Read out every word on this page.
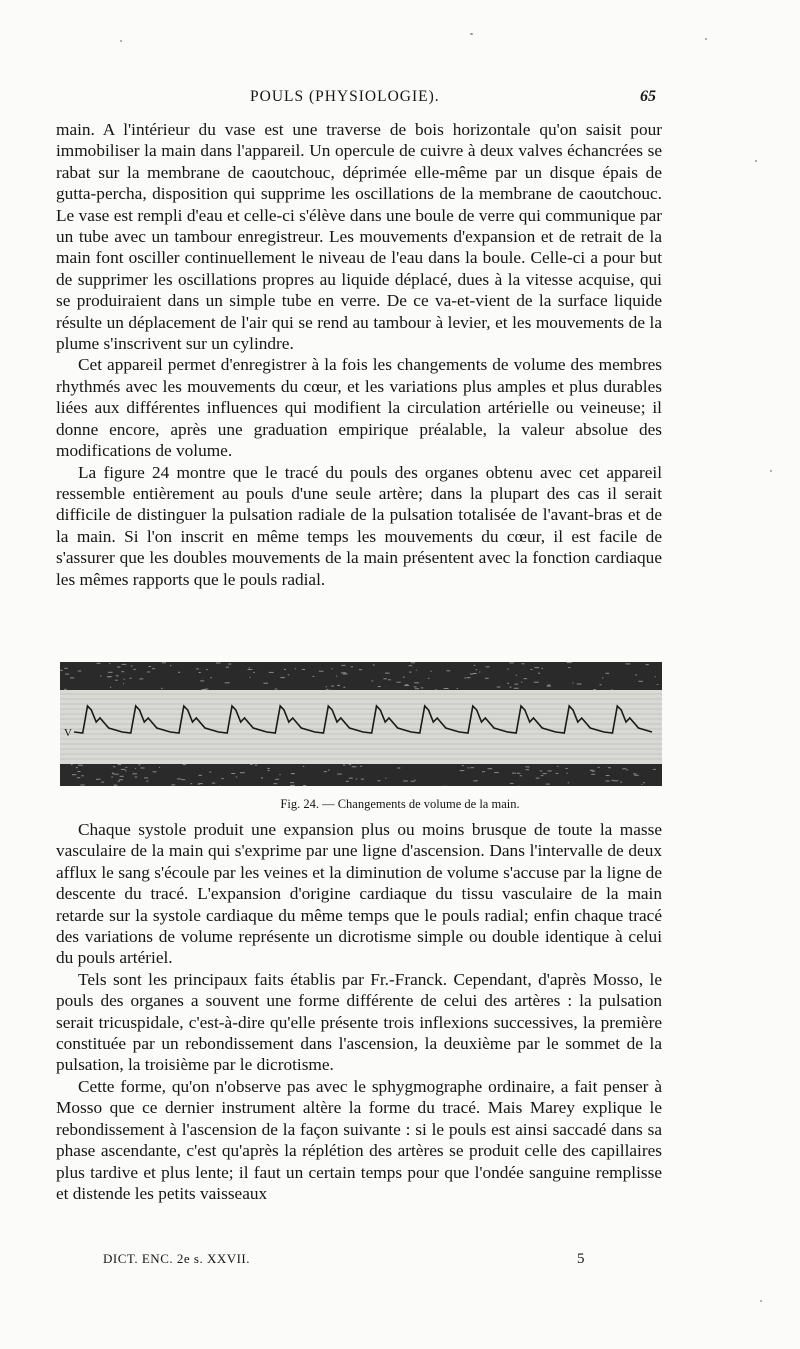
POULS (PHYSIOLOGIE).	65

main. A l'intérieur du vase est une traverse de bois horizontale qu'on saisit pour immobiliser la main dans l'appareil. Un opercule de cuivre à deux valves échancrées se rabat sur la membrane de caoutchouc, déprimée elle-même par un disque épais de gutta-percha, disposition qui supprime les oscillations de la membrane de caoutchouc. Le vase est rempli d'eau et celle-ci s'élève dans une boule de verre qui communique par un tube avec un tambour enregistreur. Les mouvements d'expansion et de retrait de la main font osciller continuellement le niveau de l'eau dans la boule. Celle-ci a pour but de supprimer les oscillations propres au liquide déplacé, dues à la vitesse acquise, qui se produiraient dans un simple tube en verre. De ce va-et-vient de la surface liquide résulte un déplacement de l'air qui se rend au tambour à levier, et les mouvements de la plume s'inscrivent sur un cylindre.

Cet appareil permet d'enregistrer à la fois les changements de volume des membres rhythmés avec les mouvements du cœur, et les variations plus amples et plus durables liées aux différentes influences qui modifient la circulation artérielle ou veineuse; il donne encore, après une graduation empirique préalable, la valeur absolue des modifications de volume.

La figure 24 montre que le tracé du pouls des organes obtenu avec cet appareil ressemble entièrement au pouls d'une seule artère; dans la plupart des cas il serait difficile de distinguer la pulsation radiale de la pulsation totalisée de l'avant-bras et de la main. Si l'on inscrit en même temps les mouvements du cœur, il est facile de s'assurer que les doubles mouvements de la main présentent avec la fonction cardiaque les mêmes rapports que le pouls radial.

V
Fig. 24. — Changements de volume de la main.

Chaque systole produit une expansion plus ou moins brusque de toute la masse vasculaire de la main qui s'exprime par une ligne d'ascension. Dans l'intervalle de deux afflux le sang s'écoule par les veines et la diminution de volume s'accuse par la ligne de descente du tracé. L'expansion d'origine cardiaque du tissu vasculaire de la main retarde sur la systole cardiaque du même temps que le pouls radial; enfin chaque tracé des variations de volume représente un dicrotisme simple ou double identique à celui du pouls artériel.

Tels sont les principaux faits établis par Fr.-Franck. Cependant, d'après Mosso, le pouls des organes a souvent une forme différente de celui des artères : la pulsation serait tricuspidale, c'est-à-dire qu'elle présente trois inflexions successives, la première constituée par un rebondissement dans l'ascension, la deuxième par le sommet de la pulsation, la troisième par le dicrotisme.

Cette forme, qu'on n'observe pas avec le sphygmographe ordinaire, a fait penser à Mosso que ce dernier instrument altère la forme du tracé. Mais Marey explique le rebondissement à l'ascension de la façon suivante : si le pouls est ainsi saccadé dans sa phase ascendante, c'est qu'après la réplétion des artères se produit celle des capillaires plus tardive et plus lente; il faut un certain temps pour que l'ondée sanguine remplisse et distende les petits vaisseaux

DICT. ENC. 2e s. XXVII.	5
